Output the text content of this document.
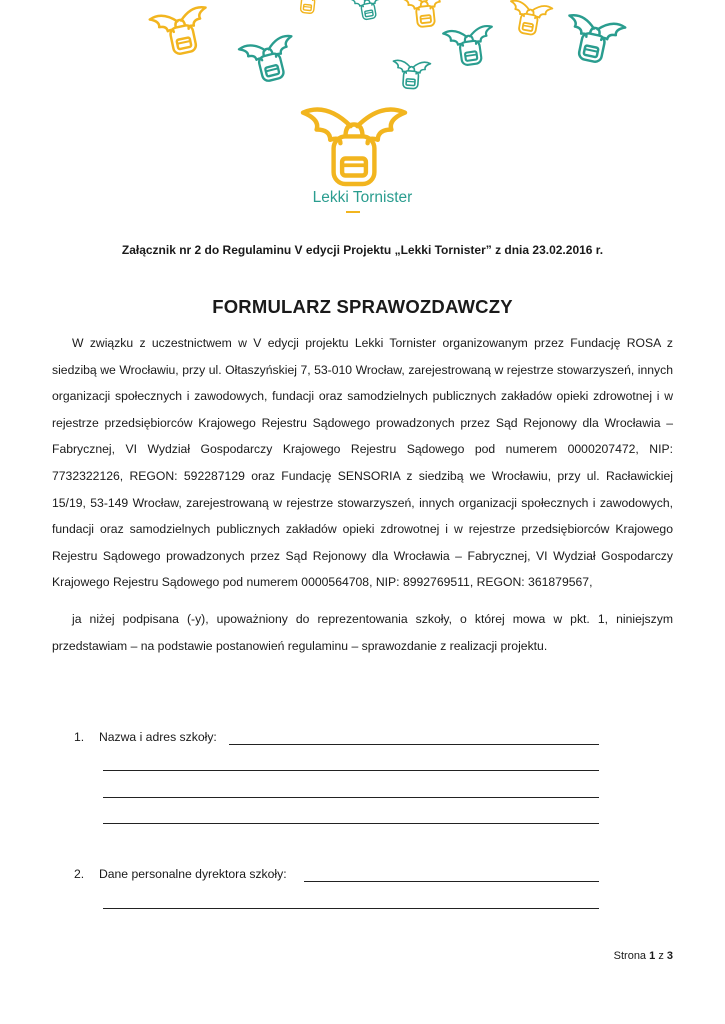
Lekki Tornister
Załącznik nr 2 do Regulaminu V edycji Projektu „Lekki Tornister” z dnia 23.02.2016 r.
FORMULARZ SPRAWOZDAWCZY

W związku z uczestnictwem w V edycji projektu Lekki Tornister organizowanym przez Fundację ROSA z siedzibą we Wrocławiu, przy ul. Ołtaszyńskiej 7, 53-010 Wrocław, zarejestrowaną w rejestrze stowarzyszeń, innych organizacji społecznych i zawodowych, fundacji oraz samodzielnych publicznych zakładów opieki zdrowotnej i w rejestrze przedsiębiorców Krajowego Rejestru Sądowego prowadzonych przez Sąd Rejonowy dla Wrocławia – Fabrycznej, VI Wydział Gospodarczy Krajowego Rejestru Sądowego pod numerem 0000207472, NIP: 7732322126, REGON: 592287129 oraz Fundację SENSORIA z siedzibą we Wrocławiu, przy ul. Racławickiej 15/19, 53-149 Wrocław, zarejestrowaną w rejestrze stowarzyszeń, innych organizacji społecznych i zawodowych, fundacji oraz samodzielnych publicznych zakładów opieki zdrowotnej i w rejestrze przedsiębiorców Krajowego Rejestru Sądowego prowadzonych przez Sąd Rejonowy dla Wrocławia – Fabrycznej, VI Wydział Gospodarczy Krajowego Rejestru Sądowego pod numerem 0000564708, NIP: 8992769511, REGON: 361879567,

ja niżej podpisana (-y), upoważniony do reprezentowania szkoły, o której mowa w pkt. 1, niniejszym przedstawiam – na podstawie postanowień regulaminu – sprawozdanie z realizacji projektu.

1. Nazwa i adres szkoły:
2. Dane personalne dyrektora szkoły:
Strona 1 z 3
